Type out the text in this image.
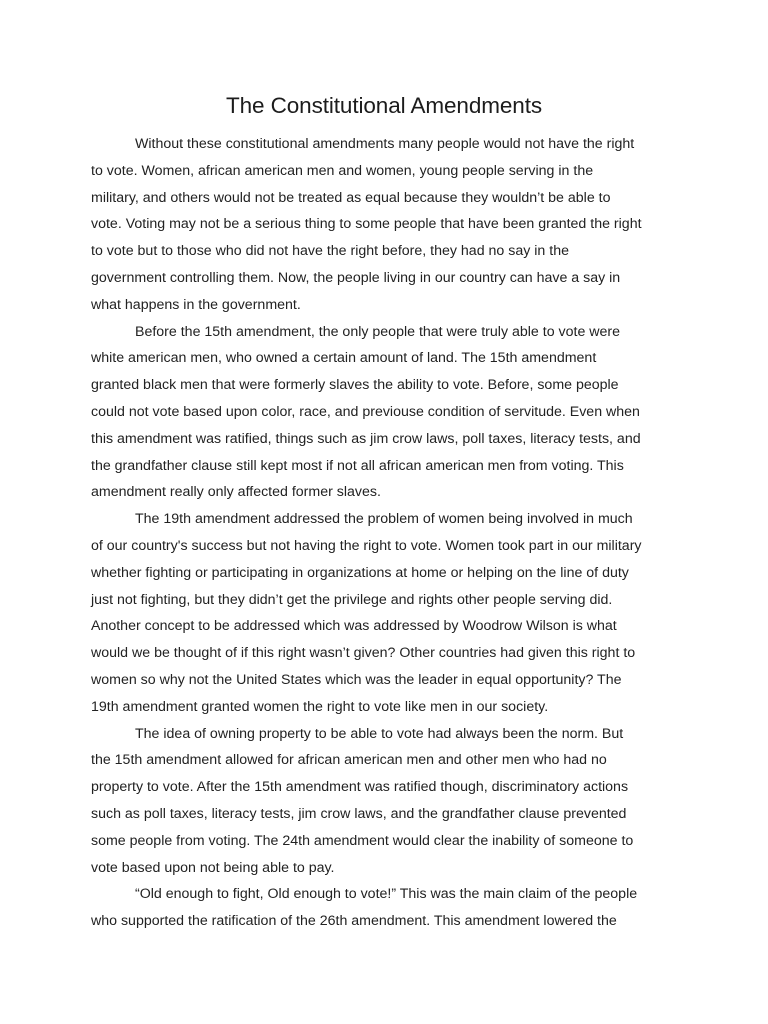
The Constitutional Amendments

Without these constitutional amendments many people would not have the right
to vote. Women, african american men and women, young people serving in the
military, and others would not be treated as equal because they wouldn’t be able to
vote. Voting may not be a serious thing to some people that have been granted the right
to vote but to those who did not have the right before, they had no say in the
government controlling them. Now, the people living in our country can have a say in
what happens in the government.

Before the 15th amendment, the only people that were truly able to vote were
white american men, who owned a certain amount of land. The 15th amendment
granted black men that were formerly slaves the ability to vote. Before, some people
could not vote based upon color, race, and previouse condition of servitude. Even when
this amendment was ratified, things such as jim crow laws, poll taxes, literacy tests, and
the grandfather clause still kept most if not all african american men from voting. This
amendment really only affected former slaves.

The 19th amendment addressed the problem of women being involved in much
of our country's success but not having the right to vote. Women took part in our military
whether fighting or participating in organizations at home or helping on the line of duty
just not fighting, but they didn’t get the privilege and rights other people serving did.
Another concept to be addressed which was addressed by Woodrow Wilson is what
would we be thought of if this right wasn’t given? Other countries had given this right to
women so why not the United States which was the leader in equal opportunity? The
19th amendment granted women the right to vote like men in our society.

The idea of owning property to be able to vote had always been the norm. But
the 15th amendment allowed for african american men and other men who had no
property to vote. After the 15th amendment was ratified though, discriminatory actions
such as poll taxes, literacy tests, jim crow laws, and the grandfather clause prevented
some people from voting. The 24th amendment would clear the inability of someone to
vote based upon not being able to pay.

“Old enough to fight, Old enough to vote!” This was the main claim of the people
who supported the ratification of the 26th amendment. This amendment lowered the
